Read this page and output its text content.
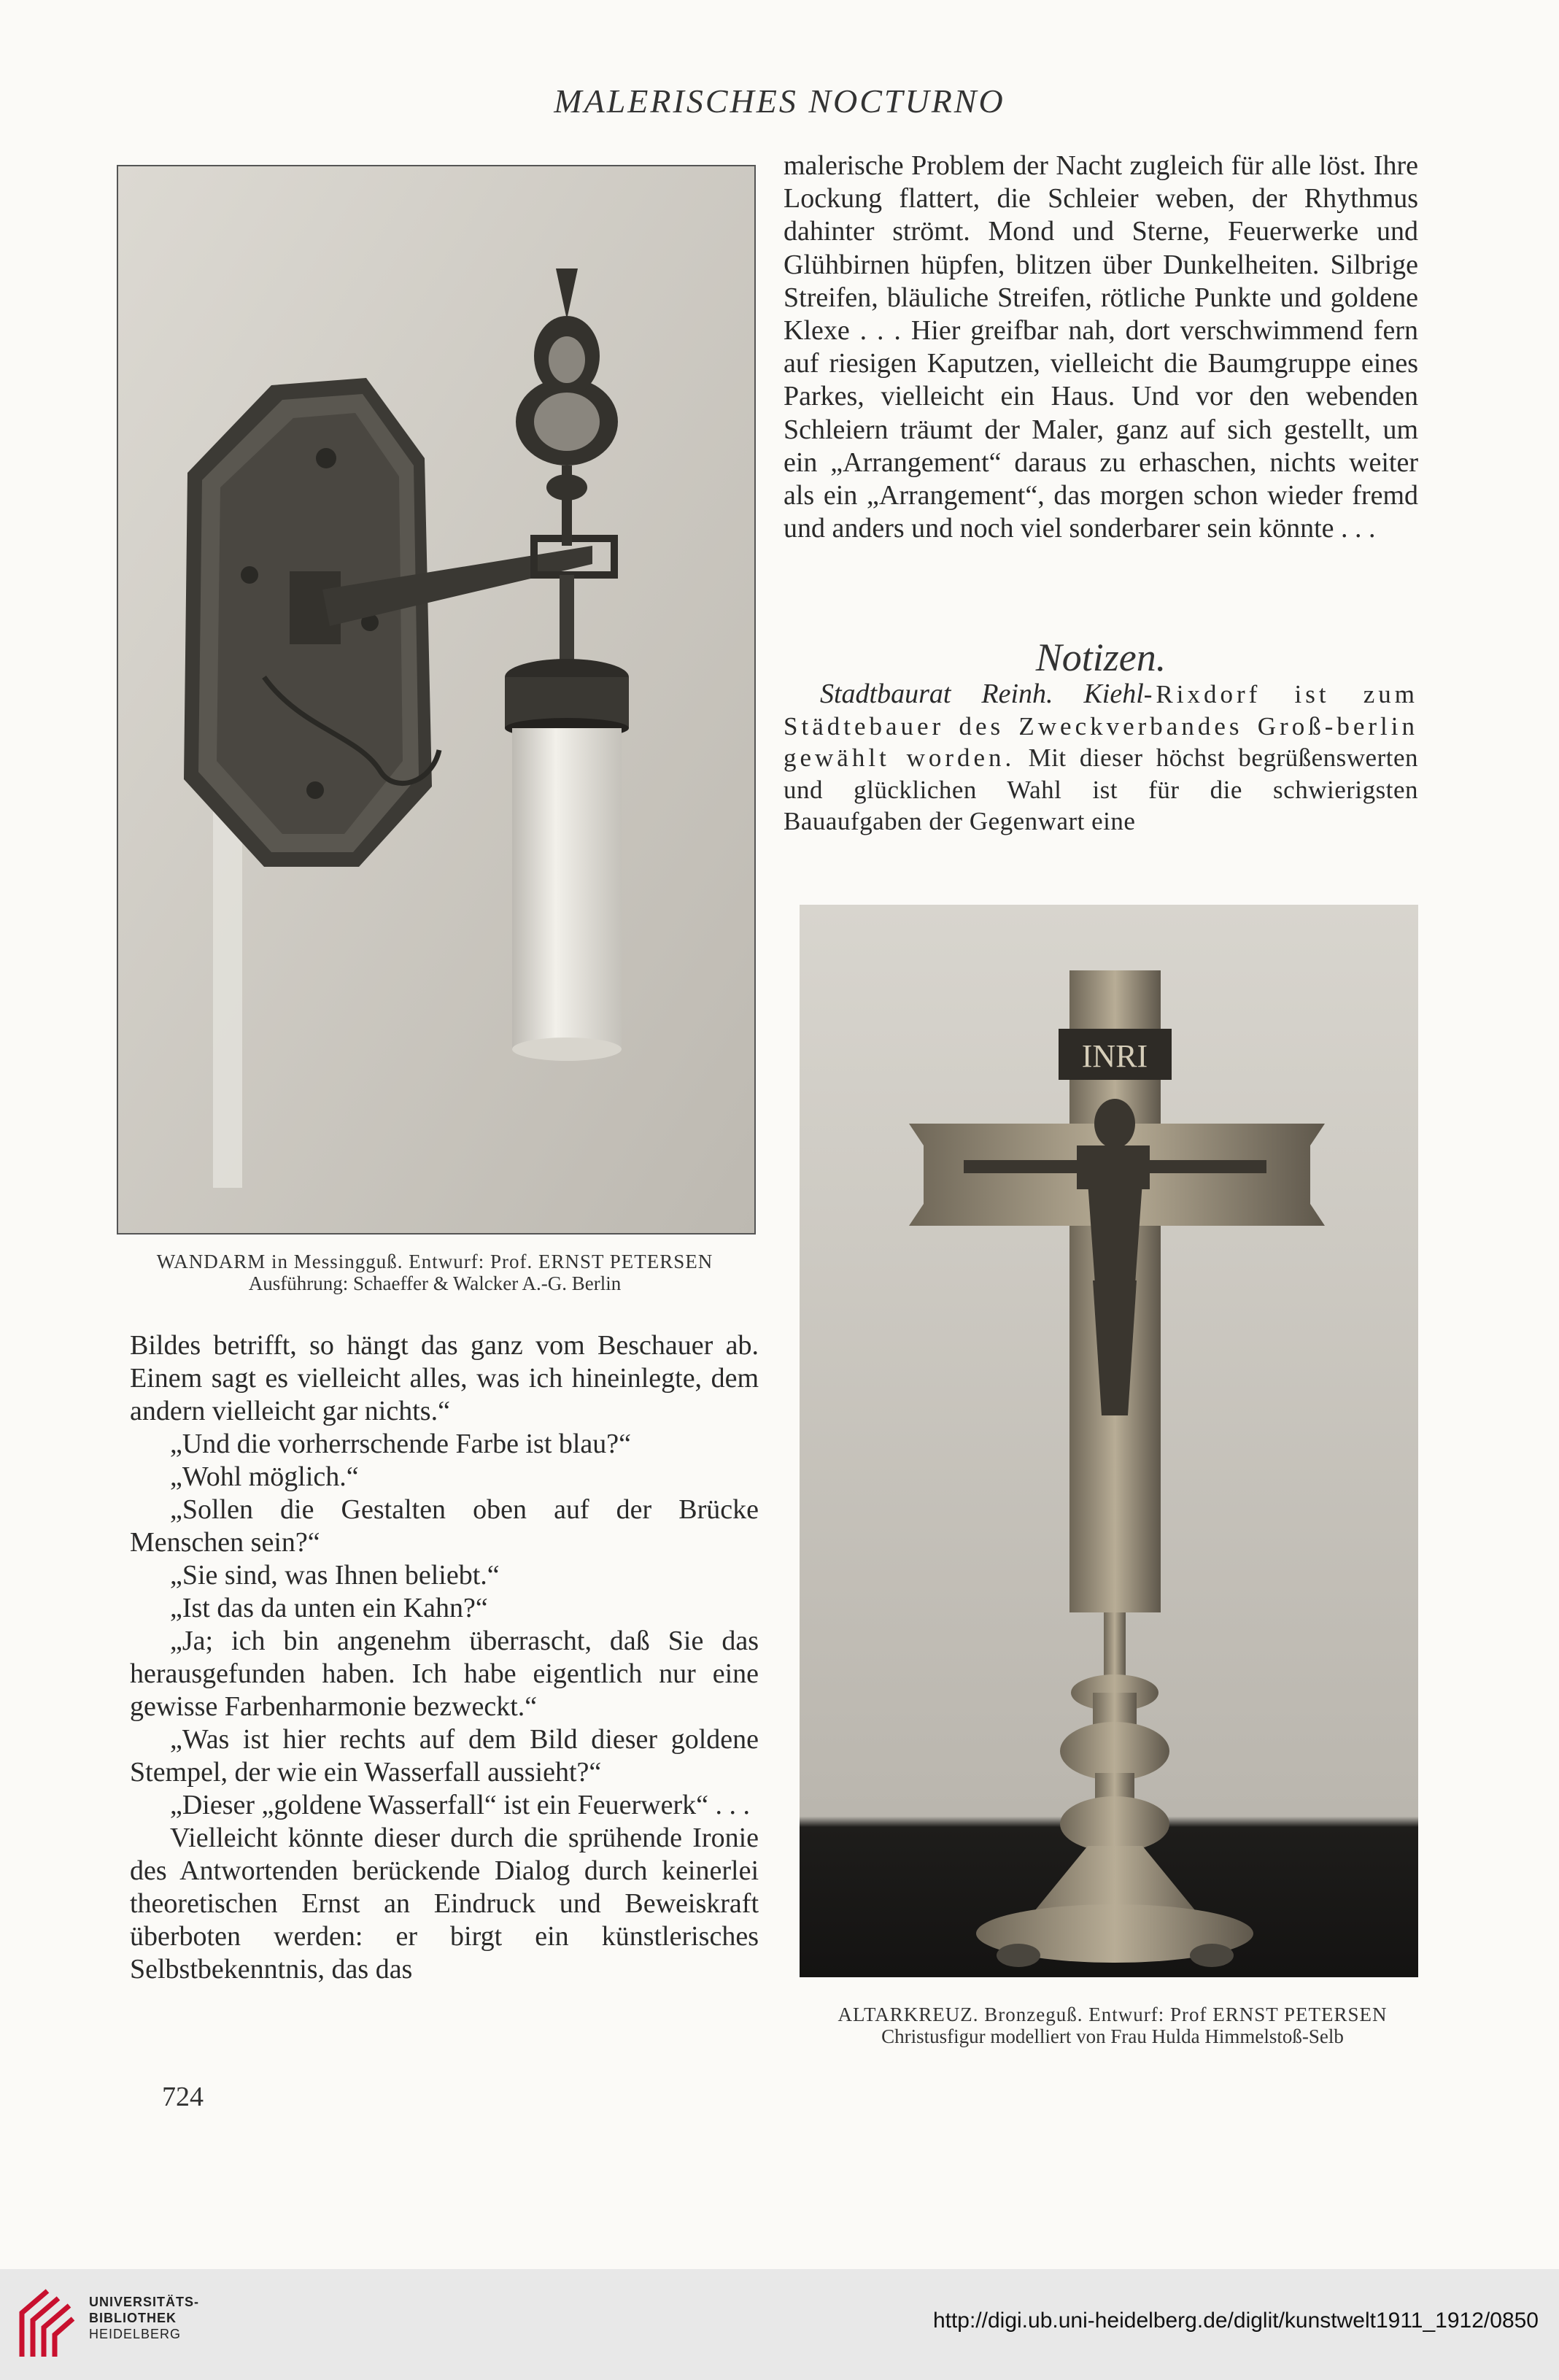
MALERISCHES NOCTURNO
WANDARM in Messingguß. Entwurf: Prof. ERNST PETERSEN
Ausführung: Schaeffer & Walcker A.-G. Berlin

malerische Problem der Nacht zugleich für alle löst. Ihre Lockung flattert, die Schleier weben, der Rhythmus dahinter strömt. Mond und Sterne, Feuerwerke und Glühbirnen hüpfen, blitzen über Dunkelheiten. Silbrige Streifen, bläuliche Streifen, rötliche Punkte und goldene Klexe . . . Hier greifbar nah, dort verschwimmend fern auf riesigen Kaputzen, vielleicht die Baumgruppe eines Parkes, vielleicht ein Haus. Und vor den webenden Schleiern träumt der Maler, ganz auf sich gestellt, um ein „Arrangement“ daraus zu erhaschen, nichts weiter als ein „Arrangement“, das morgen schon wieder fremd und anders und noch viel sonderbarer sein könnte . . .

Notizen.

Stadtbaurat Reinh. Kiehl-Rixdorf ist zum Städtebauer des Zweckverbandes Groß-berlin gewählt worden. Mit dieser höchst begrüßenswerten und glücklichen Wahl ist für die schwierigsten Bauaufgaben der Gegenwart eine

INRI
ALTARKREUZ. Bronzeguß. Entwurf: Prof ERNST PETERSEN
Christusfigur modelliert von Frau Hulda Himmelstoß-Selb

Bildes betrifft, so hängt das ganz vom Beschauer ab. Einem sagt es vielleicht alles, was ich hineinlegte, dem andern vielleicht gar nichts.“

„Und die vorherrschende Farbe ist blau?“

„Wohl möglich.“

„Sollen die Gestalten oben auf der Brücke Menschen sein?“

„Sie sind, was Ihnen beliebt.“

„Ist das da unten ein Kahn?“

„Ja; ich bin angenehm überrascht, daß Sie das herausgefunden haben. Ich habe eigentlich nur eine gewisse Farbenharmonie bezweckt.“

„Was ist hier rechts auf dem Bild dieser goldene Stempel, der wie ein Wasserfall aussieht?“

„Dieser „goldene Wasserfall“ ist ein Feuerwerk“ . . .

Vielleicht könnte dieser durch die sprühende Ironie des Antwortenden berückende Dialog durch keinerlei theoretischen Ernst an Eindruck und Beweiskraft überboten werden: er birgt ein künstlerisches Selbstbekenntnis, das das

724
UNIVERSITÄTS-
BIBLIOTHEK
HEIDELBERG
http://digi.ub.uni-heidelberg.de/diglit/kunstwelt1911_1912/0850
